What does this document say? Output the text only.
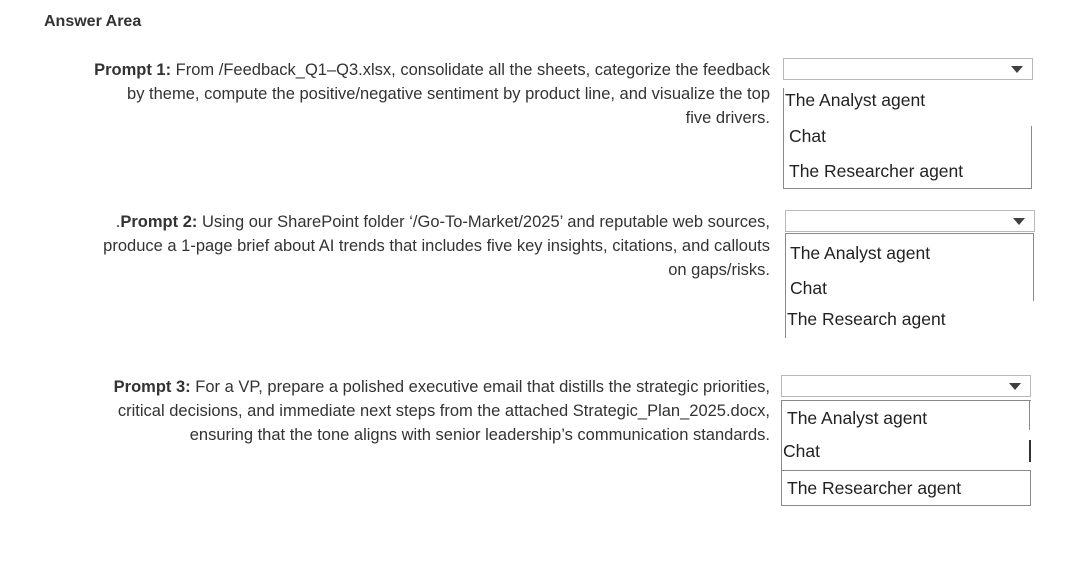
Answer Area
Prompt 1: From /Feedback_Q1–Q3.xlsx, consolidate all the sheets, categorize the feedback
by theme, compute the positive/negative sentiment by product line, and visualize the top
five drivers.
The Analyst agent
Chat
The Researcher agent
.Prompt 2: Using our SharePoint folder ‘/Go-To-Market/2025’ and reputable web sources,
produce a 1-page brief about AI trends that includes five key insights, citations, and callouts
on gaps/risks.
The Analyst agent
Chat
The Research agent
Prompt 3: For a VP, prepare a polished executive email that distills the strategic priorities,
critical decisions, and immediate next steps from the attached Strategic_Plan_2025.docx,
ensuring that the tone aligns with senior leadership’s communication standards.
The Analyst agent
Chat
The Researcher agent
